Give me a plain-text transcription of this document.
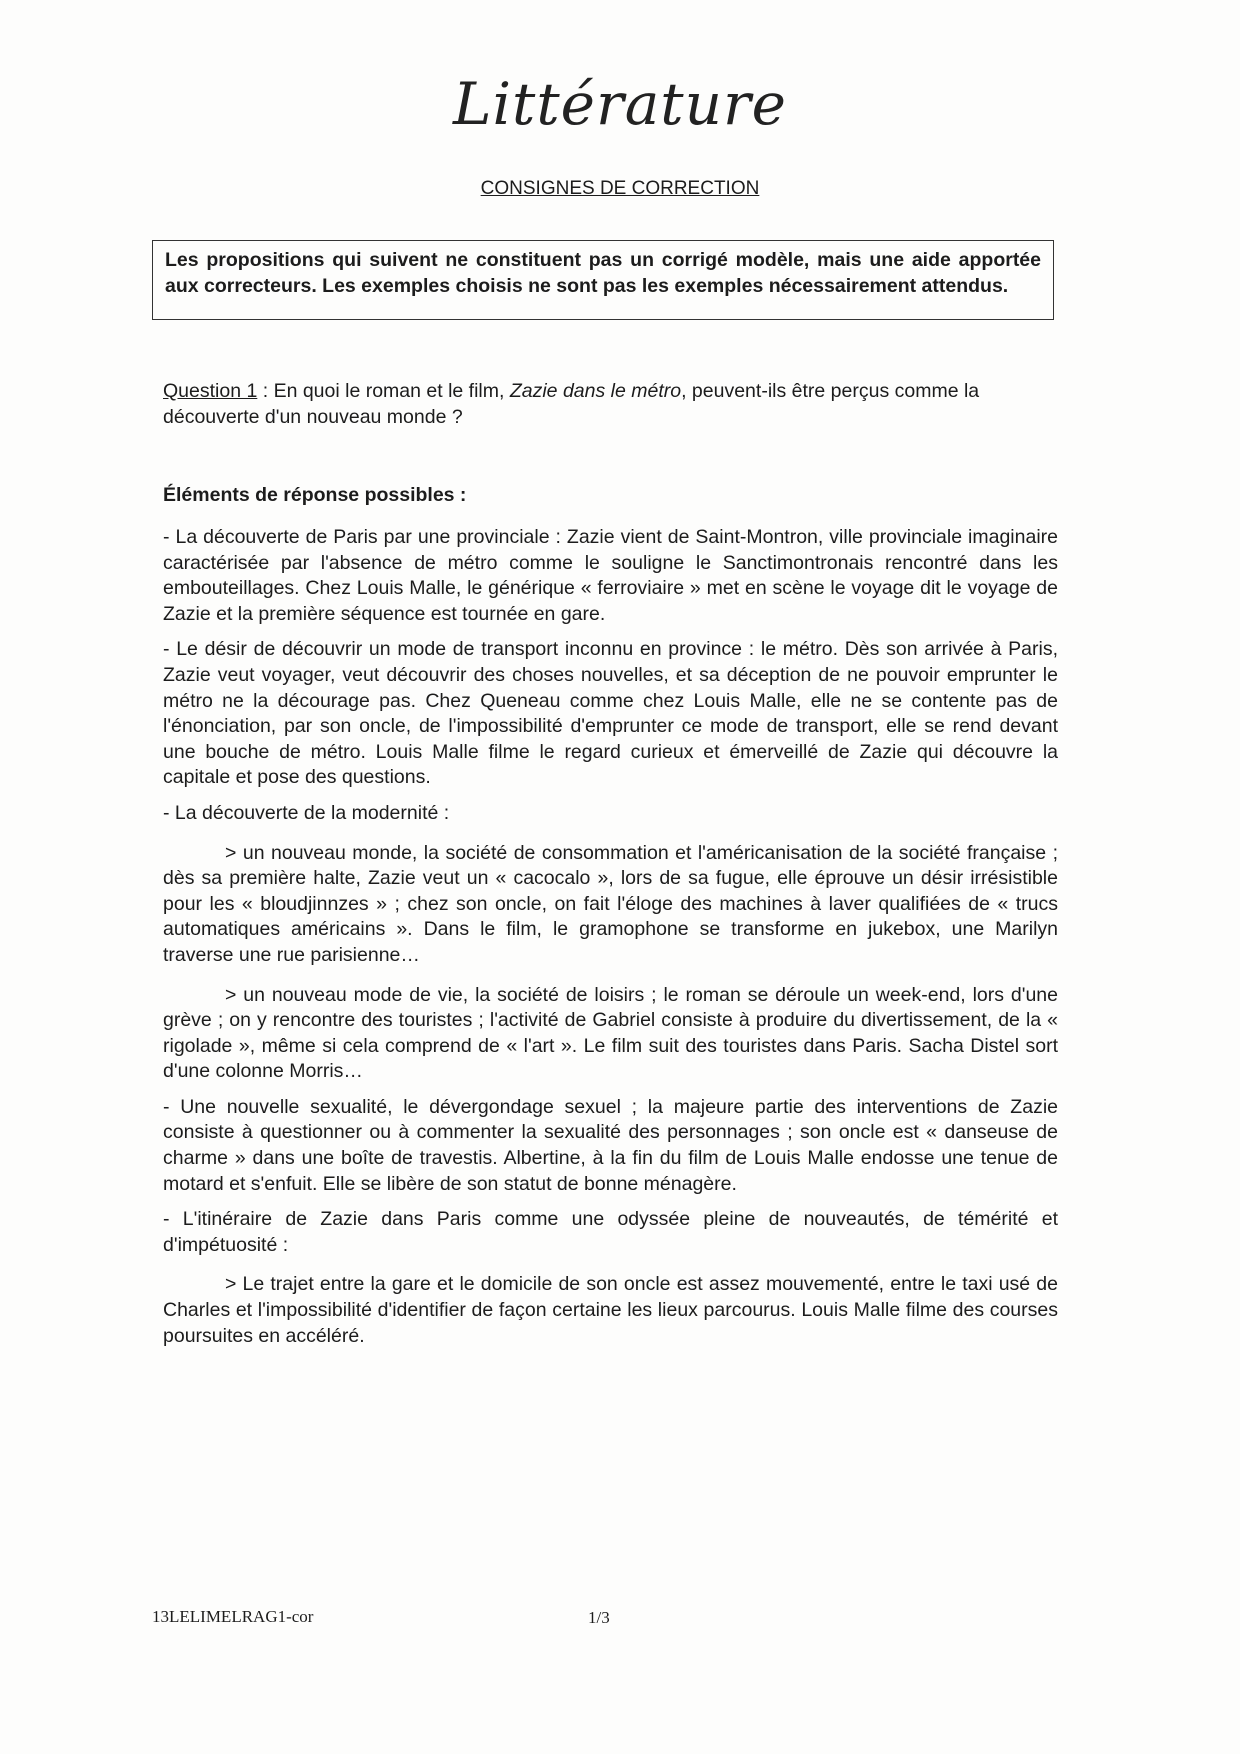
Littérature
CONSIGNES DE CORRECTION
Les propositions qui suivent ne constituent pas un corrigé modèle, mais une aide apportée aux correcteurs. Les exemples choisis ne sont pas les exemples nécessairement attendus.
Question 1 : En quoi le roman et le film, Zazie dans le métro, peuvent-ils être perçus comme la découverte d'un nouveau monde ?
Éléments de réponse possibles :

- La découverte de Paris par une provinciale : Zazie vient de Saint-Montron, ville provinciale imaginaire caractérisée par l'absence de métro comme le souligne le Sanctimontronais rencontré dans les embouteillages. Chez Louis Malle, le générique « ferroviaire » met en scène le voyage dit le voyage de Zazie et la première séquence est tournée en gare.

- Le désir de découvrir un mode de transport inconnu en province : le métro. Dès son arrivée à Paris, Zazie veut voyager, veut découvrir des choses nouvelles, et sa déception de ne pouvoir emprunter le métro ne la décourage pas. Chez Queneau comme chez Louis Malle, elle ne se contente pas de l'énonciation, par son oncle, de l'impossibilité d'emprunter ce mode de transport, elle se rend devant une bouche de métro. Louis Malle filme le regard curieux et émerveillé de Zazie qui découvre la capitale et pose des questions.

- La découverte de la modernité :

> un nouveau monde, la société de consommation et l'américanisation de la société française ; dès sa première halte, Zazie veut un « cacocalo », lors de sa fugue, elle éprouve un désir irrésistible pour les « bloudjinnzes » ; chez son oncle, on fait l'éloge des machines à laver qualifiées de « trucs automatiques américains ». Dans le film, le gramophone se transforme en jukebox, une Marilyn traverse une rue parisienne…

> un nouveau mode de vie, la société de loisirs ; le roman se déroule un week-end, lors d'une grève ; on y rencontre des touristes ; l'activité de Gabriel consiste à produire du divertissement, de la « rigolade », même si cela comprend de « l'art ». Le film suit des touristes dans Paris. Sacha Distel sort d'une colonne Morris…

- Une nouvelle sexualité, le dévergondage sexuel ; la majeure partie des interventions de Zazie consiste à questionner ou à commenter la sexualité des personnages ; son oncle est « danseuse de charme » dans une boîte de travestis. Albertine, à la fin du film de Louis Malle endosse une tenue de motard et s'enfuit. Elle se libère de son statut de bonne ménagère.

- L'itinéraire de Zazie dans Paris comme une odyssée pleine de nouveautés, de témérité et d'impétuosité :

> Le trajet entre la gare et le domicile de son oncle est assez mouvementé, entre le taxi usé de Charles et l'impossibilité d'identifier de façon certaine les lieux parcourus. Louis Malle filme des courses poursuites en accéléré.

13LELIMELRAG1-cor	1/3
